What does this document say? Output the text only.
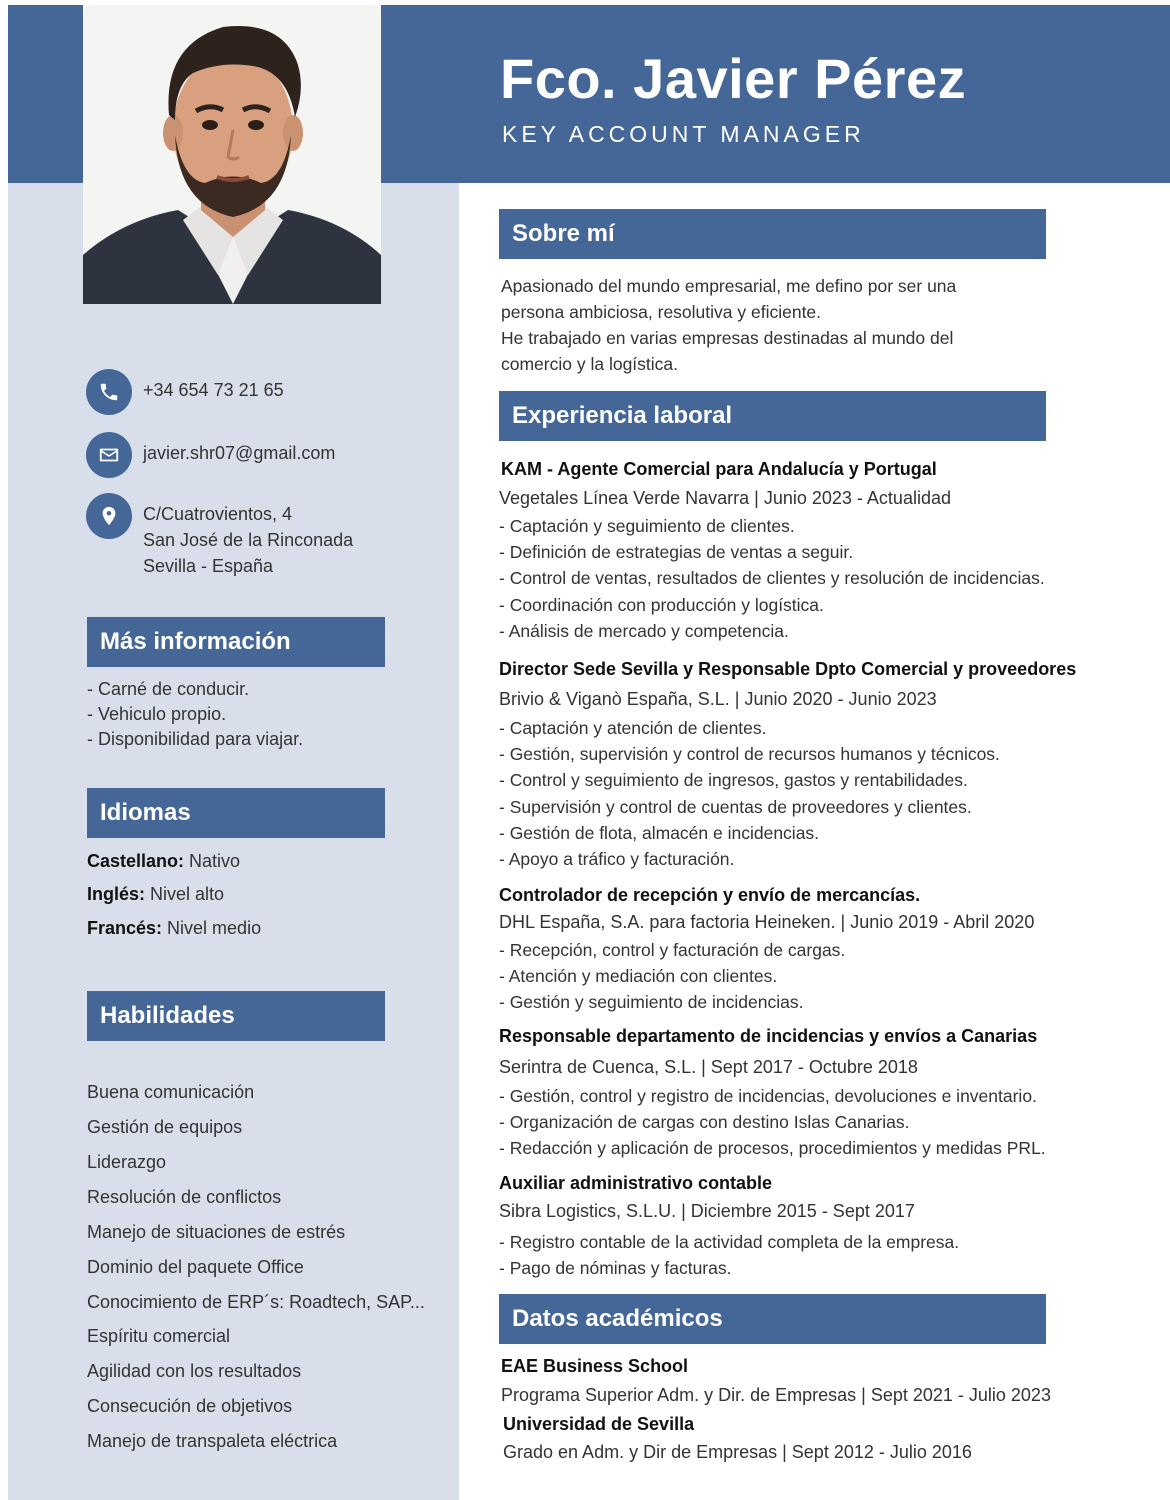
Fco. Javier Pérez
KEY ACCOUNT MANAGER
+34 654 73 21 65
javier.shr07@gmail.com
C/Cuatrovientos, 4
San José de la Rinconada
Sevilla - España
Más información
- Carné de conducir.
- Vehiculo propio.
- Disponibilidad para viajar.
Idiomas
Castellano: Nativo
Inglés: Nivel alto
Francés: Nivel medio
Habilidades
Buena comunicación
Gestión de equipos
Liderazgo
Resolución de conflictos
Manejo de situaciones de estrés
Dominio del paquete Office
Conocimiento de ERP´s: Roadtech, SAP...
Espíritu comercial
Agilidad con los resultados
Consecución de objetivos
Manejo de transpaleta eléctrica
Sobre mí
Apasionado del mundo empresarial, me defino por ser una
persona ambiciosa, resolutiva y eficiente.
He trabajado en varias empresas destinadas al mundo del
comercio y la logística.
Experiencia laboral
KAM - Agente Comercial para Andalucía y Portugal
Vegetales Línea Verde Navarra | Junio 2023 - Actualidad
- Captación y seguimiento de clientes.
- Definición de estrategias de ventas a seguir.
- Control de ventas, resultados de clientes y resolución de incidencias.
- Coordinación con producción y logística.
- Análisis de mercado y competencia.
Director Sede Sevilla y Responsable Dpto Comercial y proveedores
Brivio & Viganò España, S.L. | Junio 2020 - Junio 2023
- Captación y atención de clientes.
- Gestión, supervisión y control de recursos humanos y técnicos.
- Control y seguimiento de ingresos, gastos y rentabilidades.
- Supervisión y control de cuentas de proveedores y clientes.
- Gestión de flota, almacén e incidencias.
- Apoyo a tráfico y facturación.
Controlador de recepción y envío de mercancías.
DHL España, S.A. para factoria Heineken. | Junio 2019 - Abril 2020
- Recepción, control y facturación de cargas.
- Atención y mediación con clientes.
- Gestión y seguimiento de incidencias.
Responsable departamento de incidencias y envíos a Canarias
Serintra de Cuenca, S.L. | Sept 2017 - Octubre 2018
- Gestión, control y registro de incidencias, devoluciones e inventario.
- Organización de cargas con destino Islas Canarias.
- Redacción y aplicación de procesos, procedimientos y medidas PRL.
Auxiliar administrativo contable
Sibra Logistics, S.L.U. | Diciembre 2015 - Sept 2017
- Registro contable de la actividad completa de la empresa.
- Pago de nóminas y facturas.
Datos académicos
EAE Business School
Programa Superior Adm. y Dir. de Empresas | Sept 2021 - Julio 2023
Universidad de Sevilla
Grado en Adm. y Dir de Empresas | Sept 2012 - Julio 2016
